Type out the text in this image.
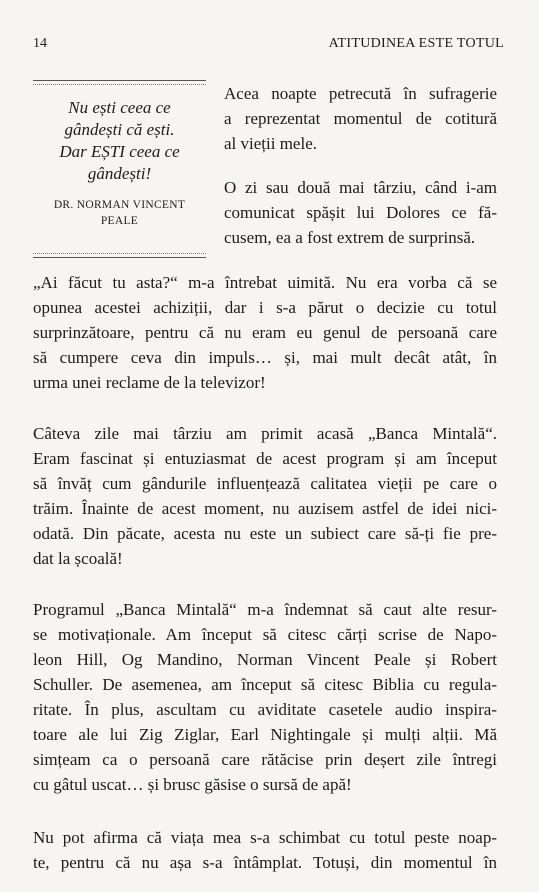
14	ATITUDINEA ESTE TOTUL
Nu ești ceea ce
gândești că ești.
Dar EȘTI ceea ce
gândești!
DR. NORMAN VINCENT
PEALE

Acea noapte petrecută în sufragerie
a reprezentat momentul de cotitură
al vieții mele.

O zi sau două mai târziu, când i-am
comunicat spășit lui Dolores ce fă-
cusem, ea a fost extrem de surprinsă.

„Ai făcut tu asta?“ m-a întrebat uimită. Nu era vorba că se
opunea acestei achiziții, dar i s-a părut o decizie cu totul
surprinzătoare, pentru că nu eram eu genul de persoană care
să cumpere ceva din impuls… și, mai mult decât atât, în
urma unei reclame de la televizor!

Câteva zile mai târziu am primit acasă „Banca Mintală“.
Eram fascinat și entuziasmat de acest program și am început
să învăț cum gândurile influențează calitatea vieții pe care o
trăim. Înainte de acest moment, nu auzisem astfel de idei nici-
odată. Din păcate, acesta nu este un subiect care să-ți fie pre-
dat la școală!

Programul „Banca Mintală“ m-a îndemnat să caut alte resur-
se motivaționale. Am început să citesc cărți scrise de Napo-
leon Hill, Og Mandino, Norman Vincent Peale și Robert
Schuller. De asemenea, am început să citesc Biblia cu regula-
ritate. În plus, ascultam cu aviditate casetele audio inspira-
toare ale lui Zig Ziglar, Earl Nightingale și mulți alții. Mă
simțeam ca o persoană care rătăcise prin deșert zile întregi
cu gâtul uscat… și brusc găsise o sursă de apă!

Nu pot afirma că viața mea s-a schimbat cu totul peste noap-
te, pentru că nu așa s-a întâmplat. Totuși, din momentul în
